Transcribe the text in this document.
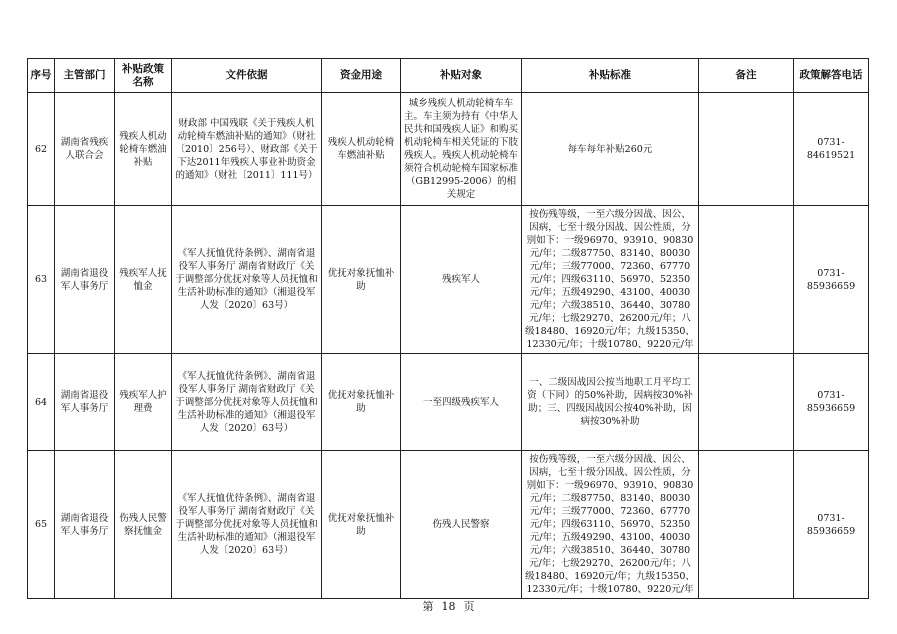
序号	主管部门	补贴政策名称	文件依据	资金用途	补贴对象	补贴标准	备注	政策解答电话
62	湖南省残疾人联合会	残疾人机动轮椅车燃油补贴	财政部 中国残联《关于残疾人机动轮椅车燃油补贴的通知》（财社〔2010〕256号）、财政部《关于下达2011年残疾人事业补助资金的通知》（财社〔2011〕111号）	残疾人机动轮椅车燃油补贴	城乡残疾人机动轮椅车车主。车主须为持有《中华人民共和国残疾人证》和购买机动轮椅车相关凭证的下肢残疾人。残疾人机动轮椅车须符合机动轮椅车国家标准（GB12995-2006）的相关规定	每车每年补贴260元		0731-84619521
63	湖南省退役军人事务厅	残疾军人抚恤金	《军人抚恤优待条例》、湖南省退役军人事务厅 湖南省财政厅《关于调整部分优抚对象等人员抚恤和生活补助标准的通知》（湘退役军人发〔2020〕63号）	优抚对象抚恤补助	残疾军人	按伤残等级，一至六级分因战、因公、因病，七至十级分因战、因公性质，分别如下：一级96970、93910、90830元/年；二级87750、83140、80030元/年；三级77000、72360、67770元/年；四级63110、56970、52350元/年；五级49290、43100、40030元/年；六级38510、36440、30780元/年；七级29270、26200元/年；八级18480、16920元/年；九级15350、12330元/年；十级10780、9220元/年		0731-85936659
64	湖南省退役军人事务厅	残疾军人护理费	《军人抚恤优待条例》、湖南省退役军人事务厅 湖南省财政厅《关于调整部分优抚对象等人员抚恤和生活补助标准的通知》（湘退役军人发〔2020〕63号）	优抚对象抚恤补助	一至四级残疾军人	一、二级因战因公按当地职工月平均工资（下同）的50%补助，因病按30%补助；三、四级因战因公按40%补助，因病按30%补助		0731-85936659
65	湖南省退役军人事务厅	伤残人民警察抚恤金	《军人抚恤优待条例》、湖南省退役军人事务厅 湖南省财政厅《关于调整部分优抚对象等人员抚恤和生活补助标准的通知》（湘退役军人发〔2020〕63号）	优抚对象抚恤补助	伤残人民警察	按伤残等级，一至六级分因战、因公、因病，七至十级分因战、因公性质，分别如下：一级96970、93910、90830元/年；二级87750、83140、80030元/年；三级77000、72360、67770元/年；四级63110、56970、52350元/年；五级49290、43100、40030元/年；六级38510、36440、30780元/年；七级29270、26200元/年；八级18480、16920元/年；九级15350、12330元/年；十级10780、9220元/年		0731-85936659
第 18 页
